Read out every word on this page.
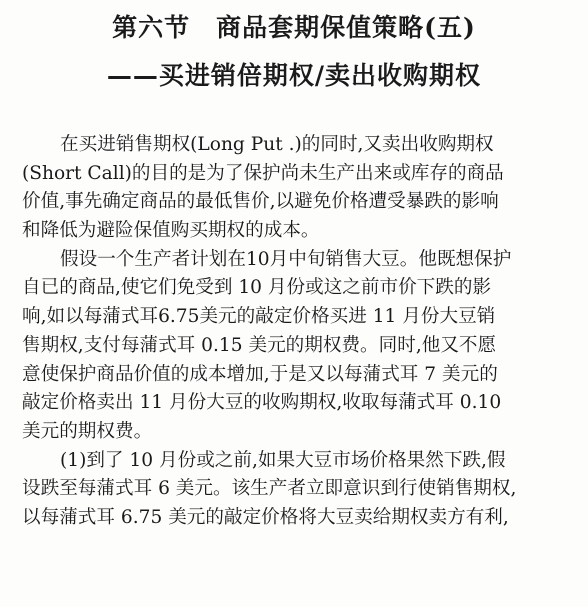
第六节　商品套期保值策略(五)
——买进销倍期权/卖出收购期权
在买进销售期权(Long Put .)的同时,又卖出收购期权
(Short Call)的目的是为了保护尚未生产出来或库存的商品
价值,事先确定商品的最低售价,以避免价格遭受暴跌的影响
和降低为避险保值购买期权的成本。
假设一个生产者计划在10月中旬销售大豆。他既想保护
自已的商品,使它们免受到 10 月份或这之前市价下跌的影
响,如以每蒲式耳6.75美元的敲定价格买进 11 月份大豆销
售期权,支付每蒲式耳 0.15 美元的期权费。同时,他又不愿
意使保护商品价值的成本增加,于是又以每蒲式耳 7 美元的
敲定价格卖出 11 月份大豆的收购期权,收取每蒲式耳 0.10
美元的期权费。
(1)到了 10 月份或之前,如果大豆市场价格果然下跌,假
设跌至每蒲式耳 6 美元。该生产者立即意识到行使销售期权,
以每蒲式耳 6.75 美元的敲定价格将大豆卖给期权卖方有利,
